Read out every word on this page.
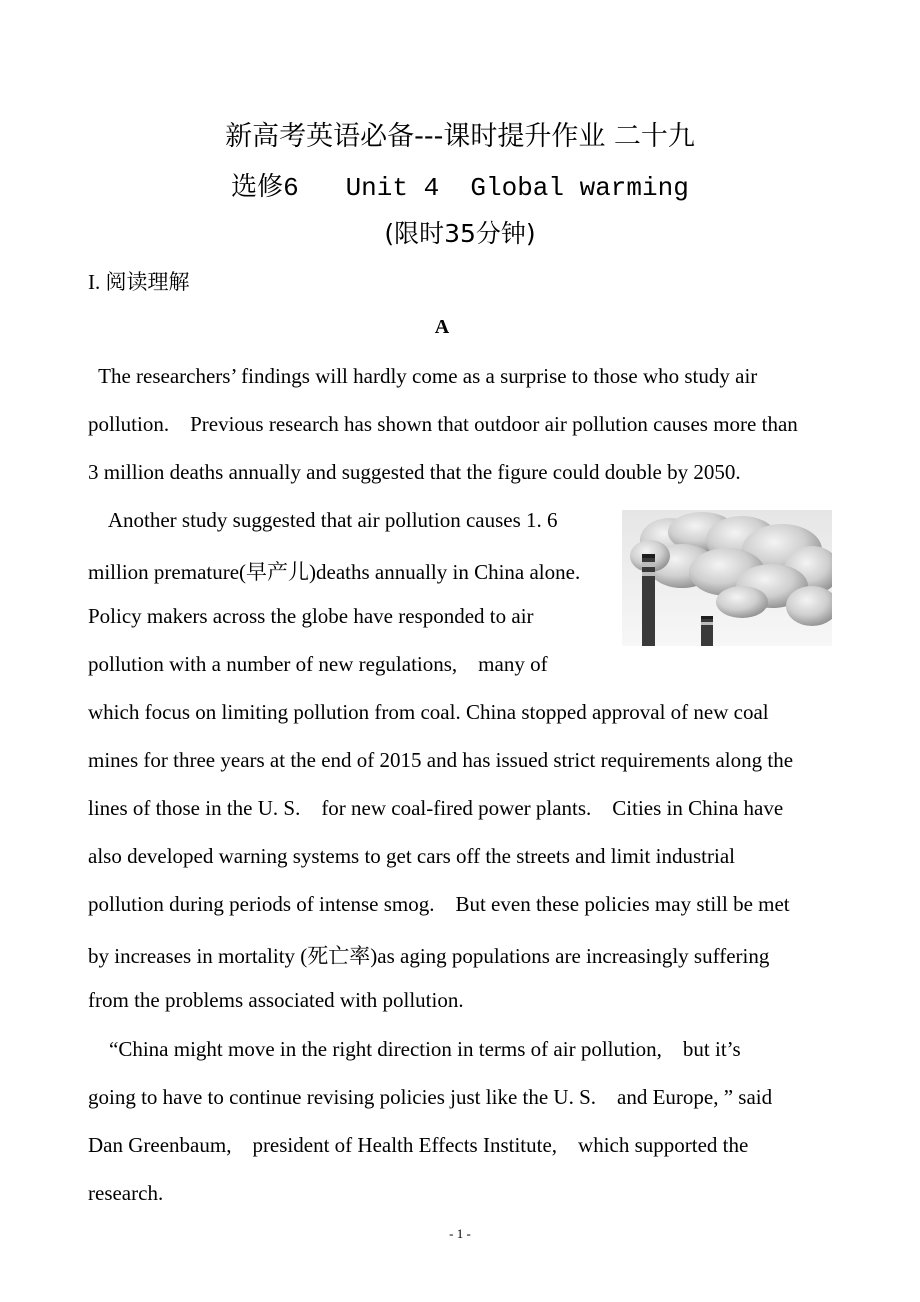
新高考英语必备---课时提升作业 二十九
选修6   Unit 4  Global warming
(限时35分钟)
I. 阅读理解
A
The researchers’ findings will hardly come as a surprise to those who study air
pollution.    Previous research has shown that outdoor air pollution causes more than
3 million deaths annually and suggested that the figure could double by 2050.
Another study suggested that air pollution causes 1. 6
million premature(早产儿)deaths annually in China alone.
Policy makers across the globe have responded to air
pollution with a number of new regulations,    many of
which focus on limiting pollution from coal. China stopped approval of new coal
mines for three years at the end of 2015 and has issued strict requirements along the
lines of those in the U. S.    for new coal-fired power plants.    Cities in China have
also developed warning systems to get cars off the streets and limit industrial
pollution during periods of intense smog.    But even these policies may still be met
by increases in mortality (死亡率)as aging populations are increasingly suffering
from the problems associated with pollution.
“China might move in the right direction in terms of air pollution,    but it’s
going to have to continue revising policies just like the U. S.    and Europe, ” said
Dan Greenbaum,    president of Health Effects Institute,    which supported the
research.
- 1 -
